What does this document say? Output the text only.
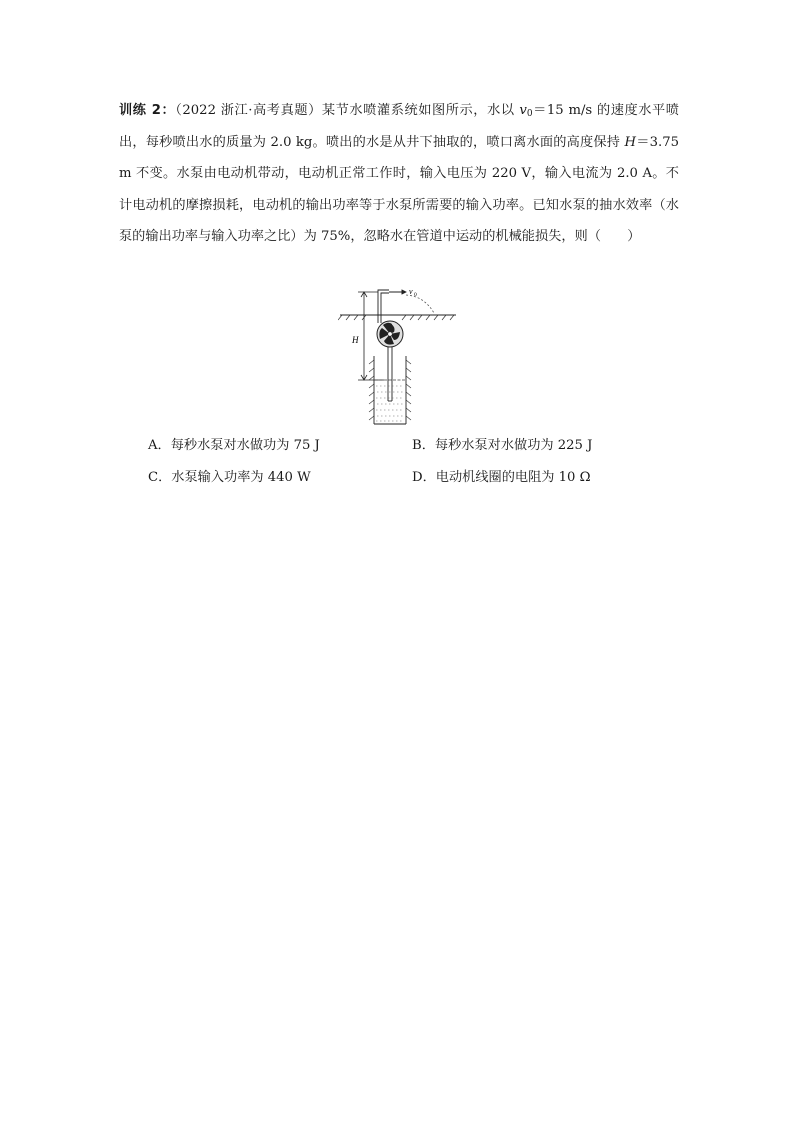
训练 2：（2022 浙江·高考真题）某节水喷灌系统如图所示，水以 $v_0=15$ m/s 的速度水平喷出，每秒喷出水的质量为 2.0 kg。喷出的水是从井下抽取的，喷口离水面的高度保持 H＝3.75 m 不变。水泵由电动机带动，电动机正常工作时，输入电压为 220 V，输入电流为 2.0 A。不计电动机的摩擦损耗，电动机的输出功率等于水泵所需要的输入功率。已知水泵的抽水效率（水泵的输出功率与输入功率之比）为 75%，忽略水在管道中运动的机械能损失，则（　　）
H
v 0
A．每秒水泵对水做功为 75 J	B．每秒水泵对水做功为 225 J
C．水泵输入功率为 440 W	D．电动机线圈的电阻为 10 Ω
